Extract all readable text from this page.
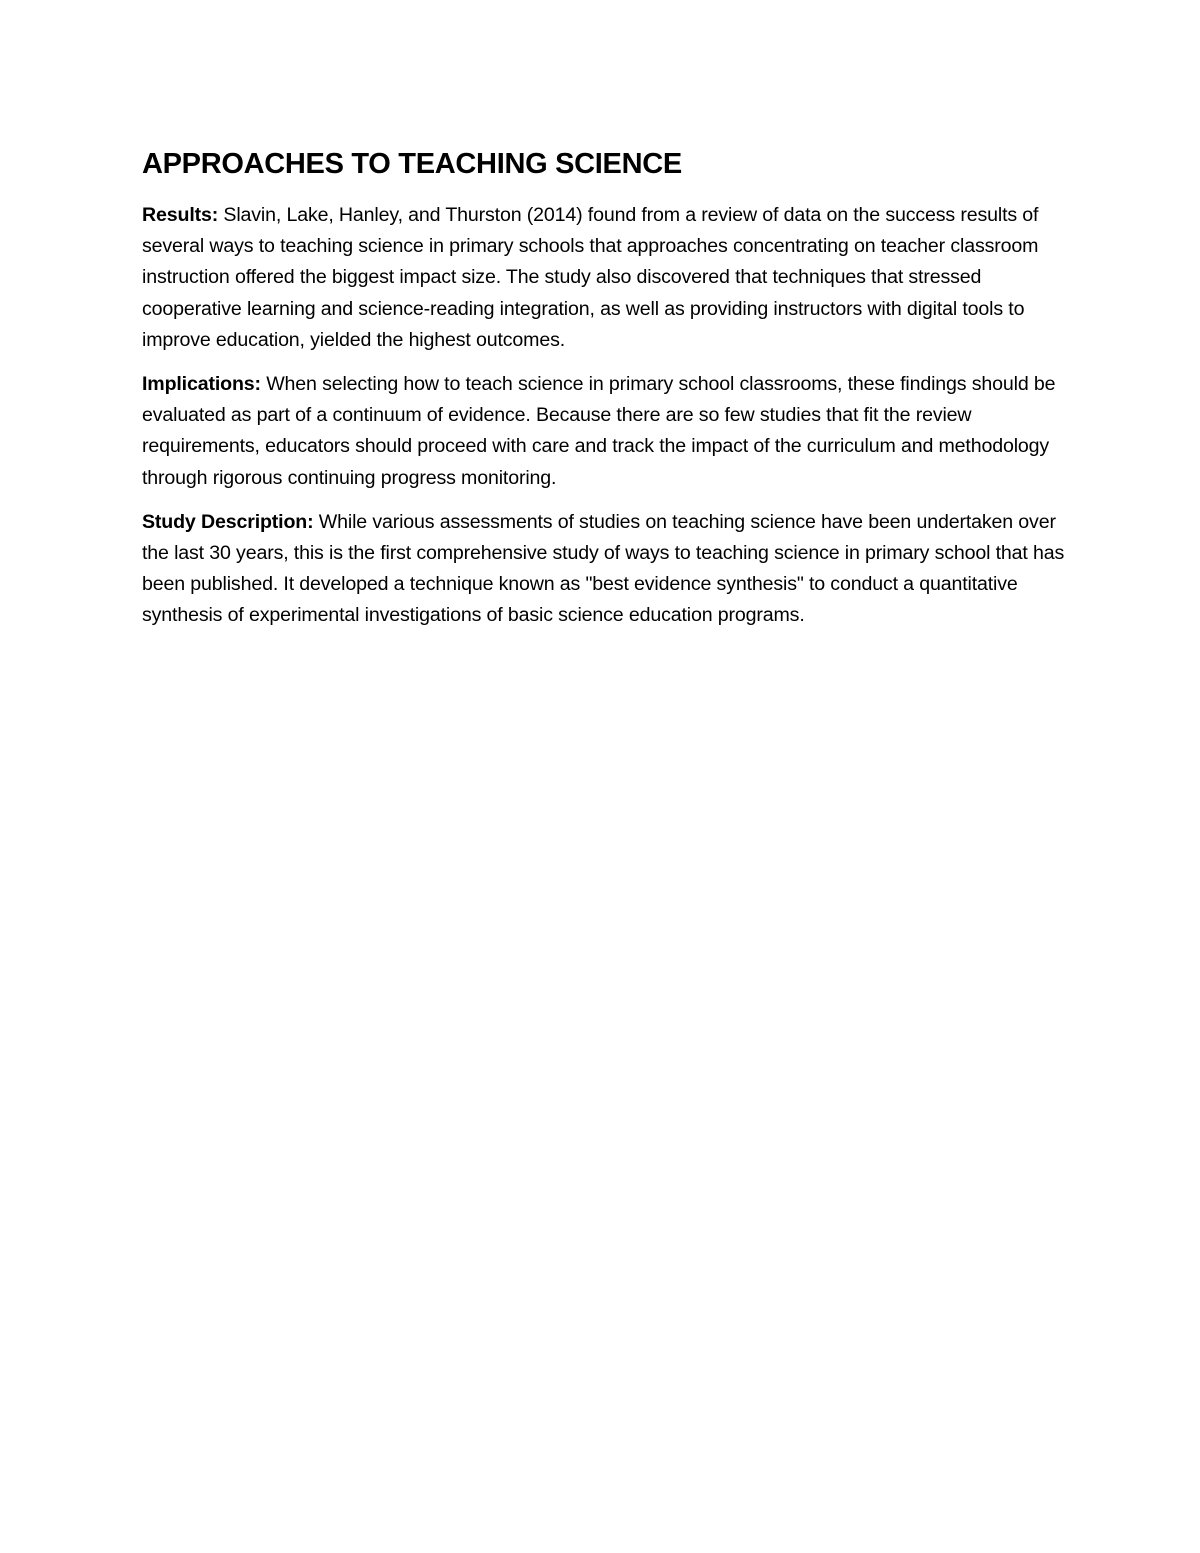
APPROACHES TO TEACHING SCIENCE

Results: Slavin, Lake, Hanley, and Thurston (2014) found from a review of data on the success results of several ways to teaching science in primary schools that approaches concentrating on teacher classroom instruction offered the biggest impact size. The study also discovered that techniques that stressed cooperative learning and science-reading integration, as well as providing instructors with digital tools to improve education, yielded the highest outcomes.

Implications: When selecting how to teach science in primary school classrooms, these findings should be evaluated as part of a continuum of evidence. Because there are so few studies that fit the review requirements, educators should proceed with care and track the impact of the curriculum and methodology through rigorous continuing progress monitoring.

Study Description: While various assessments of studies on teaching science have been undertaken over the last 30 years, this is the first comprehensive study of ways to teaching science in primary school that has been published. It developed a technique known as "best evidence synthesis" to conduct a quantitative synthesis of experimental investigations of basic science education programs.
